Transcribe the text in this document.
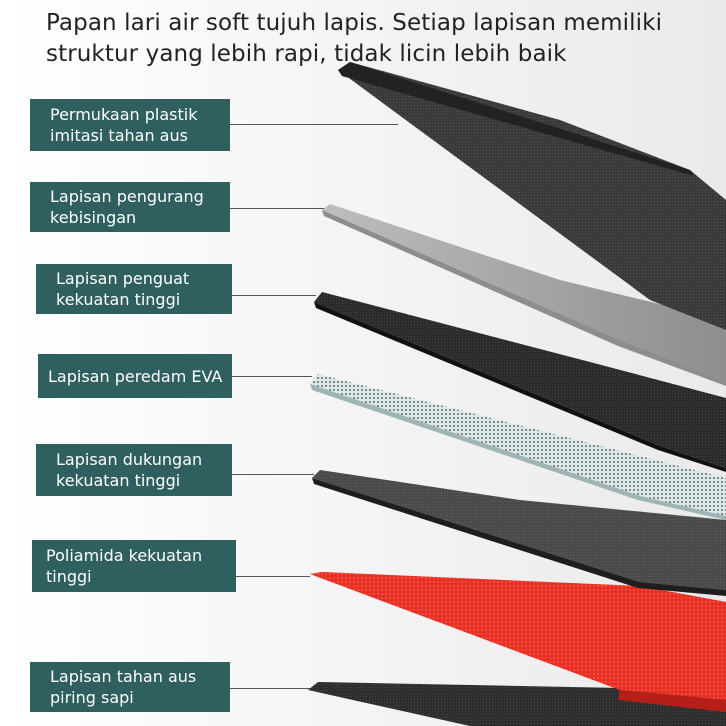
Papan lari air soft tujuh lapis. Setiap lapisan memiliki
struktur yang lebih rapi, tidak licin lebih baik
Permukaan plastik
imitasi tahan aus
Lapisan pengurang
kebisingan
Lapisan penguat
kekuatan tinggi
Lapisan peredam EVA
Lapisan dukungan
kekuatan tinggi
Poliamida kekuatan
tinggi
Lapisan tahan aus
piring sapi
